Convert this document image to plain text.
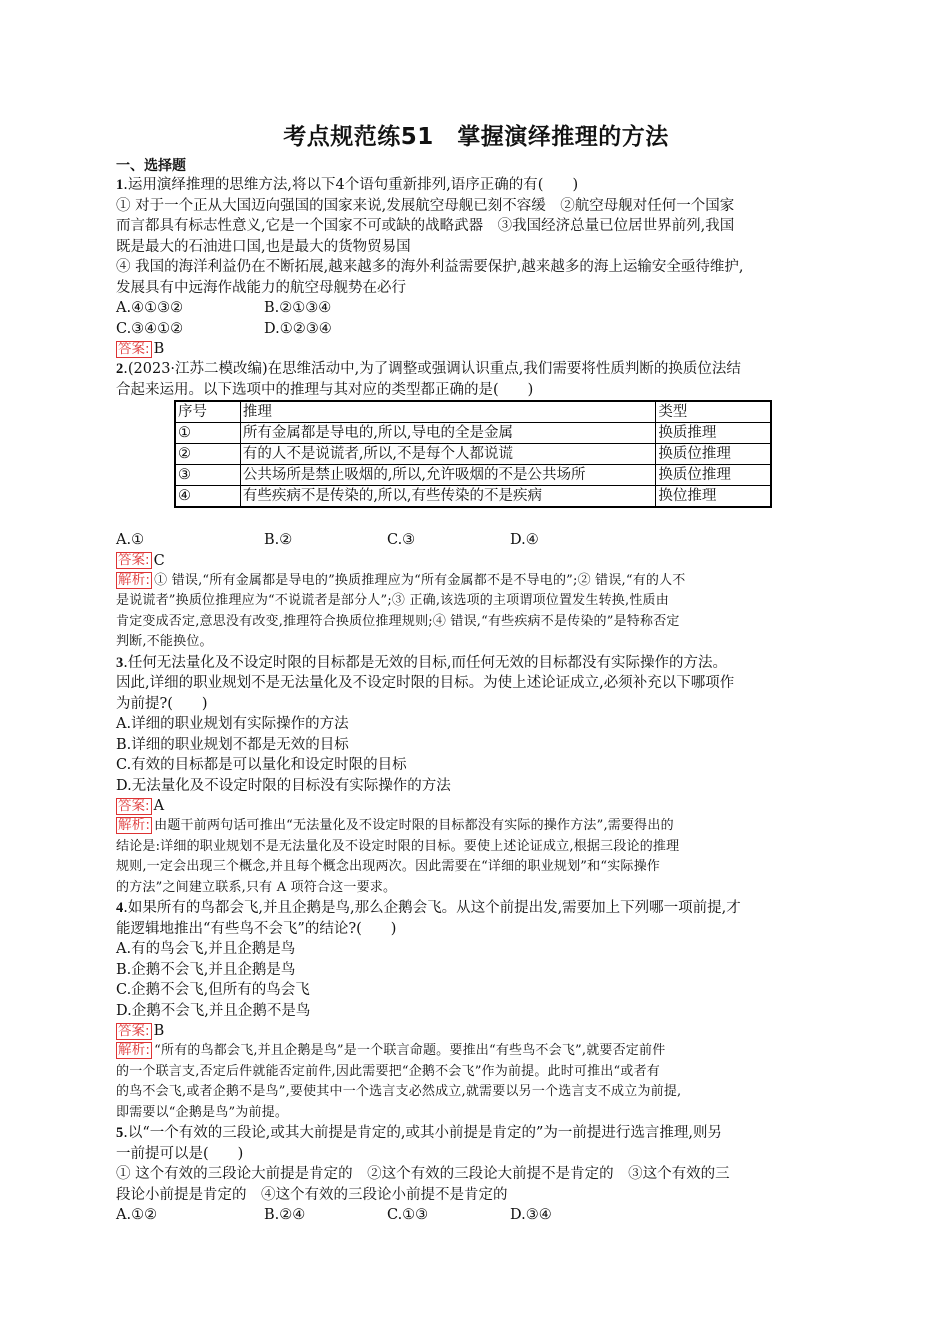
考点规范练51　掌握演绎推理的方法

一、选择题

1.运用演绎推理的思维方法,将以下4个语句重新排列,语序正确的有(　　)

① 对于一个正从大国迈向强国的国家来说,发展航空母舰已刻不容缓　②航空母舰对任何一个国家

而言都具有标志性意义,它是一个国家不可或缺的战略武器　③我国经济总量已位居世界前列,我国

既是最大的石油进口国,也是最大的货物贸易国

④ 我国的海洋利益仍在不断拓展,越来越多的海外利益需要保护,越来越多的海上运输安全亟待维护,

发展具有中远海作战能力的航空母舰势在必行

A.④①③②	B.②①③④
C.③④①②	D.①②③④
答案: B

2.(2023·江苏二模改编)在思维活动中,为了调整或强调认识重点,我们需要将性质判断的换质位法结

合起来运用。以下选项中的推理与其对应的类型都正确的是(　　)

序号	推理	类型
①	所有金属都是导电的,所以,导电的全是金属	换质推理
②	有的人不是说谎者,所以,不是每个人都说谎	换质位推理
③	公共场所是禁止吸烟的,所以,允许吸烟的不是公共场所	换质位推理
④	有些疾病不是传染的,所以,有些传染的不是疾病	换位推理
A.①	B.②	C.③	D.④
答案: C

解析: ① 错误,“所有金属都是导电的”换质推理应为“所有金属都不是不导电的”;② 错误,“有的人不

是说谎者”换质位推理应为“不说谎者是部分人”;③ 正确,该选项的主项谓项位置发生转换,性质由

肯定变成否定,意思没有改变,推理符合换质位推理规则;④ 错误,“有些疾病不是传染的”是特称否定

判断,不能换位。

3.任何无法量化及不设定时限的目标都是无效的目标,而任何无效的目标都没有实际操作的方法。

因此,详细的职业规划不是无法量化及不设定时限的目标。为使上述论证成立,必须补充以下哪项作

为前提?(　　)

A.详细的职业规划有实际操作的方法
B.详细的职业规划不都是无效的目标
C.有效的目标都是可以量化和设定时限的目标
D.无法量化及不设定时限的目标没有实际操作的方法
答案: A

解析: 由题干前两句话可推出“无法量化及不设定时限的目标都没有实际的操作方法”,需要得出的

结论是:详细的职业规划不是无法量化及不设定时限的目标。要使上述论证成立,根据三段论的推理

规则,一定会出现三个概念,并且每个概念出现两次。因此需要在“详细的职业规划”和“实际操作

的方法”之间建立联系,只有 A 项符合这一要求。

4.如果所有的鸟都会飞,并且企鹅是鸟,那么企鹅会飞。从这个前提出发,需要加上下列哪一项前提,才

能逻辑地推出“有些鸟不会飞”的结论?(　　)

A.有的鸟会飞,并且企鹅是鸟
B.企鹅不会飞,并且企鹅是鸟
C.企鹅不会飞,但所有的鸟会飞
D.企鹅不会飞,并且企鹅不是鸟
答案: B

解析: “所有的鸟都会飞,并且企鹅是鸟”是一个联言命题。要推出“有些鸟不会飞”,就要否定前件

的一个联言支,否定后件就能否定前件,因此需要把“企鹅不会飞”作为前提。此时可推出“或者有

的鸟不会飞,或者企鹅不是鸟”,要使其中一个选言支必然成立,就需要以另一个选言支不成立为前提,

即需要以“企鹅是鸟”为前提。

5.以“一个有效的三段论,或其大前提是肯定的,或其小前提是肯定的”为一前提进行选言推理,则另

一前提可以是(　　)

① 这个有效的三段论大前提是肯定的　②这个有效的三段论大前提不是肯定的　③这个有效的三

段论小前提是肯定的　④这个有效的三段论小前提不是肯定的

A.①②	B.②④	C.①③	D.③④
